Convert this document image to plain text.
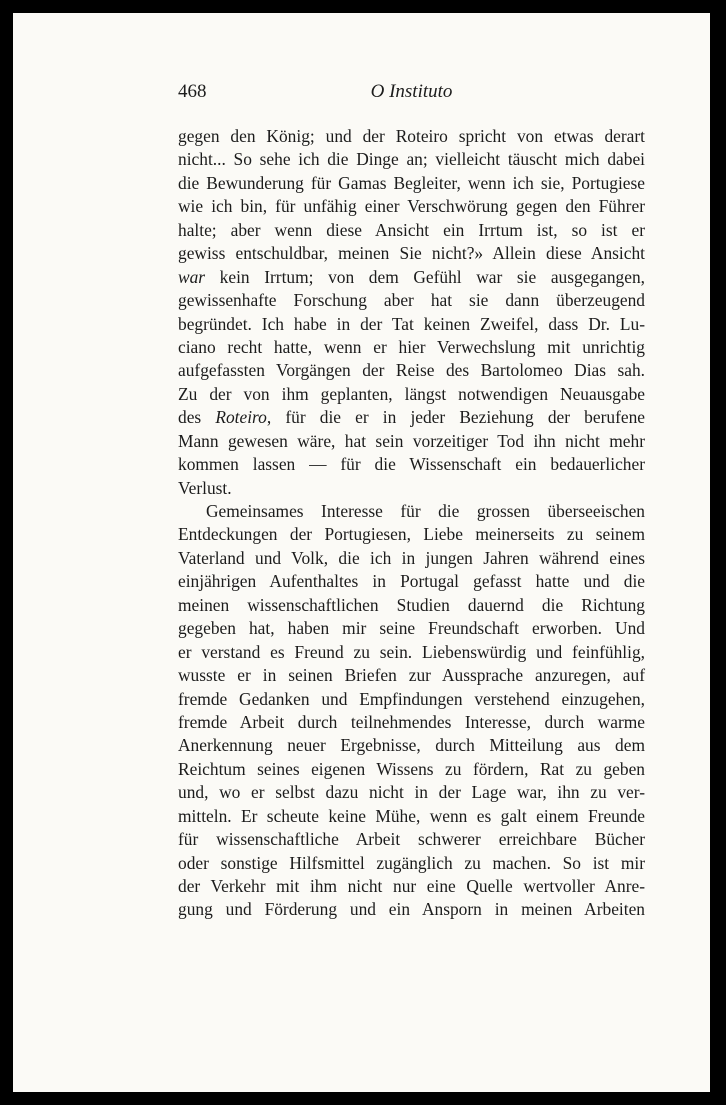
468	O Instituto
gegen den König; und der Roteiro spricht von etwas derart
nicht... So sehe ich die Dinge an; vielleicht täuscht mich dabei
die Bewunderung für Gamas Begleiter, wenn ich sie, Portugiese
wie ich bin, für unfähig einer Verschwörung gegen den Führer
halte; aber wenn diese Ansicht ein Irrtum ist, so ist er
gewiss entschuldbar, meinen Sie nicht?» Allein diese Ansicht
war kein Irrtum; von dem Gefühl war sie ausgegangen,
gewissenhafte Forschung aber hat sie dann überzeugend
begründet. Ich habe in der Tat keinen Zweifel, dass Dr. Lu-
ciano recht hatte, wenn er hier Verwechslung mit unrichtig
aufgefassten Vorgängen der Reise des Bartolomeo Dias sah.
Zu der von ihm geplanten, längst notwendigen Neuausgabe
des Roteiro, für die er in jeder Beziehung der berufene
Mann gewesen wäre, hat sein vorzeitiger Tod ihn nicht mehr
kommen lassen — für die Wissenschaft ein bedauerlicher
Verlust.
Gemeinsames Interesse für die grossen überseeischen
Entdeckungen der Portugiesen, Liebe meinerseits zu seinem
Vaterland und Volk, die ich in jungen Jahren während eines
einjährigen Aufenthaltes in Portugal gefasst hatte und die
meinen wissenschaftlichen Studien dauernd die Richtung
gegeben hat, haben mir seine Freundschaft erworben. Und
er verstand es Freund zu sein. Liebenswürdig und feinfühlig,
wusste er in seinen Briefen zur Aussprache anzuregen, auf
fremde Gedanken und Empfindungen verstehend einzugehen,
fremde Arbeit durch teilnehmendes Interesse, durch warme
Anerkennung neuer Ergebnisse, durch Mitteilung aus dem
Reichtum seines eigenen Wissens zu fördern, Rat zu geben
und, wo er selbst dazu nicht in der Lage war, ihn zu ver-
mitteln. Er scheute keine Mühe, wenn es galt einem Freunde
für wissenschaftliche Arbeit schwerer erreichbare Bücher
oder sonstige Hilfsmittel zugänglich zu machen. So ist mir
der Verkehr mit ihm nicht nur eine Quelle wertvoller Anre-
gung und Förderung und ein Ansporn in meinen Arbeiten
